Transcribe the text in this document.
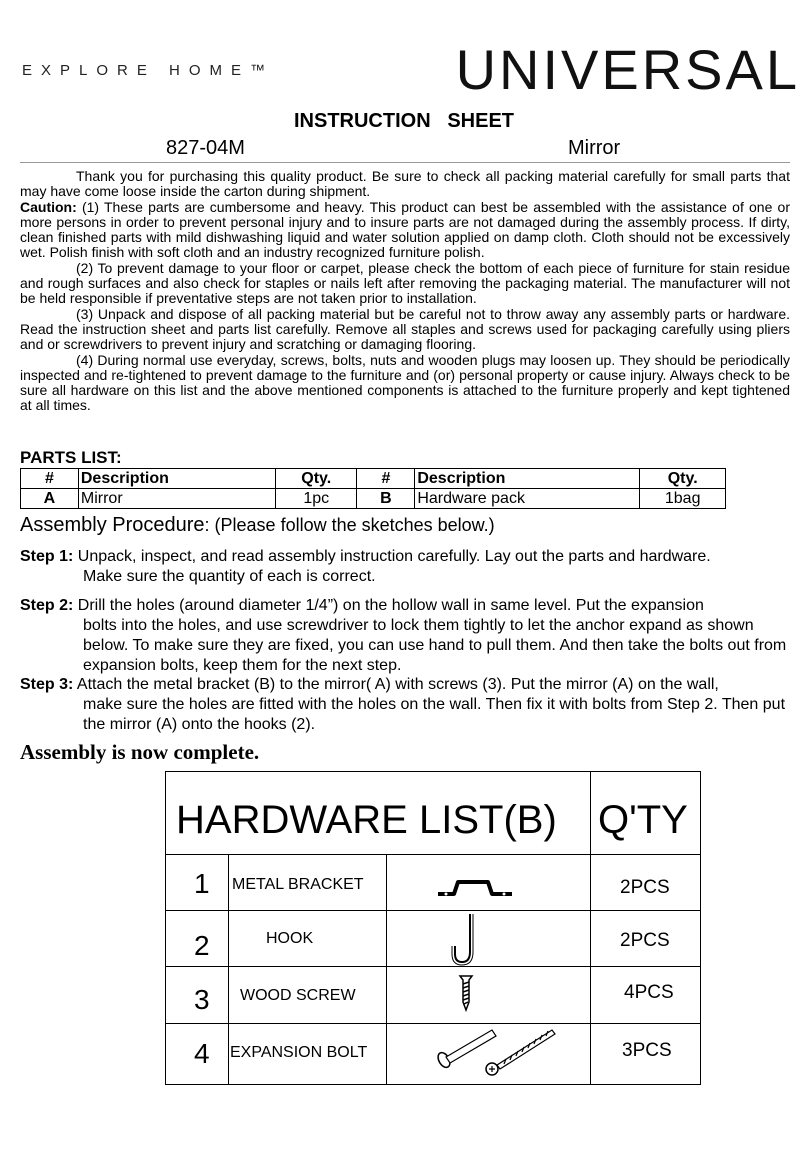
EXPLORE HOME™	UNIVERSAL
INSTRUCTION   SHEET
827-04M	Mirror

Thank you for purchasing this quality product. Be sure to check all packing material carefully for small parts that may have come loose inside the carton during shipment.

Caution: (1) These parts are cumbersome and heavy. This product can best be assembled with the assistance of one or more persons in order to prevent personal injury and to insure parts are not damaged during the assembly process. If dirty, clean finished parts with mild dishwashing liquid and water solution applied on damp cloth. Cloth should not be excessively wet. Polish finish with soft cloth and an industry recognized furniture polish.

(2) To prevent damage to your floor or carpet, please check the bottom of each piece of furniture for stain residue and rough surfaces and also check for staples or nails left after removing the packaging material. The manufacturer will not be held responsible if preventative steps are not taken prior to installation.

(3) Unpack and dispose of all packing material but be careful not to throw away any assembly parts or hardware. Read the instruction sheet and parts list carefully. Remove all staples and screws used for packaging carefully using pliers and or screwdrivers to prevent injury and scratching or damaging flooring.

(4) During normal use everyday, screws, bolts, nuts and wooden plugs may loosen up. They should be periodically inspected and re-tightened to prevent damage to the furniture and (or) personal property or cause injury. Always check to be sure all hardware on this list and the above mentioned components is attached to the furniture properly and kept tightened at all times.

PARTS LIST:
#	Description	Qty.	#	Description	Qty.
A	Mirror	1pc	B	Hardware pack	1bag
Assembly Procedure: (Please follow the sketches below.)
Step 1: Unpack, inspect, and read assembly instruction carefully. Lay out the parts and hardware.
Make sure the quantity of each is correct.
Step 2: Drill the holes (around diameter 1/4”) on the hollow wall in same level. Put the expansion
bolts into the holes, and use screwdriver to lock them tightly to let the anchor expand as shown below. To make sure they are fixed, you can use hand to pull them. And then take the bolts out from expansion bolts, keep them for the next step.
Step 3: Attach the metal bracket (B) to the mirror( A) with screws (3). Put the mirror (A) on the wall,
make sure the holes are fitted with the holes on the wall. Then fix it with bolts from Step 2. Then put the mirror (A) onto the hooks (2).
Assembly is now complete.
HARDWARE LIST(B) Q'TY
1 METAL BRACKET	2PCS
2	HOOK	2PCS
3 WOOD SCREW	4PCS
4 EXPANSION BOLT	3PCS
